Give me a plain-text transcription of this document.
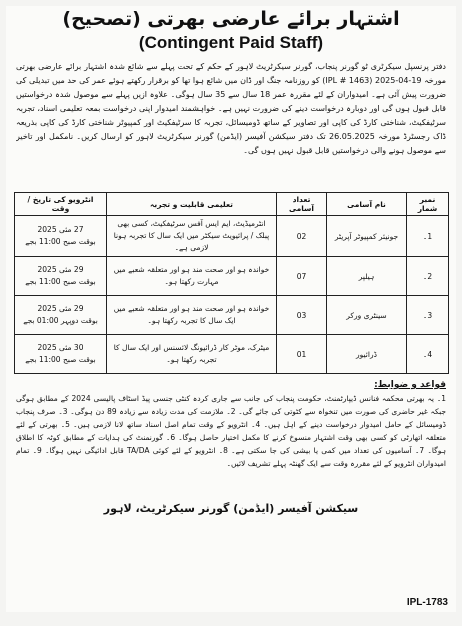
اشتہار برائے عارضی بھرتی (تصحیح)
(Contingent Paid Staff)
دفتر پرنسپل سیکرٹری ٹو گورنر پنجاب، گورنر سیکرٹریٹ لاہور کے حکم کے تحت پہلے سے شائع شدہ اشتہار برائے عارضی بھرتی مورخہ 19-04-2025 (IPL # 1463) کو روزنامہ جنگ اور ڈان میں شائع ہوا تھا کو برقرار رکھتے ہوئے عمر کی حد میں تبدیلی کی ضرورت پیش آئی ہے۔ امیدواران کے لئے مقررہ عمر 18 سال سے 35 سال ہوگی۔ علاوہ ازیں پہلے سے موصول شدہ درخواستیں قابل قبول ہوں گی اور دوبارہ درخواست دینے کی ضرورت نہیں ہے۔ خواہشمند امیدوار اپنی درخواست بمعہ تعلیمی اسناد، تجربہ سرٹیفکیٹ، شناختی کارڈ کی کاپی اور تصاویر کے ساتھ ڈومیسائل، تجربہ کا سرٹیفکیٹ اور کمپیوٹر شناختی کارڈ کی کاپی بذریعہ ڈاک رجسٹرڈ مورخہ 26.05.2025 تک دفتر سیکشن آفیسر (ایڈمن) گورنر سیکرٹریٹ لاہور کو ارسال کریں۔ نامکمل اور تاخیر سے موصول ہونے والی درخواستیں قابل قبول نہیں ہوں گی۔
نمبر شمار	نام آسامی	تعداد آسامی	تعلیمی قابلیت و تجربہ	انٹرویو کی تاریخ / وقت
1۔	جونیئر کمپیوٹر آپریٹر	02	انٹرمیڈیٹ، ایم ایس آفس سرٹیفکیٹ، کسی بھی پبلک / پرائیویٹ سیکٹر میں ایک سال کا تجربہ ہونا لازمی ہے۔	27 مئی 2025
بوقت صبح 11:00 بجے

2۔	ہیلپر	07	خواندہ ہو اور صحت مند ہو اور متعلقہ شعبے میں مہارت رکھتا ہو۔	29 مئی 2025
بوقت صبح 11:00 بجے

3۔	سینٹری ورکر	03	خواندہ ہو اور صحت مند ہو اور متعلقہ شعبے میں ایک سال کا تجربہ رکھتا ہو۔	29 مئی 2025
بوقت دوپہر 01:00 بجے

4۔	ڈرائیور	01	میٹرک، موٹر کار ڈرائیونگ لائسنس اور ایک سال کا تجربہ رکھتا ہو۔	30 مئی 2025
بوقت صبح 11:00 بجے
قواعد و ضوابط:
1۔ یہ بھرتی محکمہ فنانس ڈیپارٹمنٹ، حکومت پنجاب کی جانب سے جاری کردہ کنٹی جنسی پیڈ اسٹاف پالیسی 2024 کے مطابق ہوگی جبکہ غیر حاضری کی صورت میں تنخواہ سے کٹوتی کی جائے گی۔ 2۔ ملازمت کی مدت زیادہ سے زیادہ 89 دن ہوگی۔ 3۔ صرف پنجاب ڈومیسائل کے حامل امیدوار درخواست دینے کے اہل ہیں۔ 4۔ انٹرویو کے وقت تمام اصل اسناد ساتھ لانا لازمی ہیں۔ 5۔ بھرتی کے لئے متعلقہ اتھارٹی کو کسی بھی وقت اشتہار منسوخ کرنے کا مکمل اختیار حاصل ہوگا۔ 6۔ گورنمنٹ کی ہدایات کے مطابق کوٹہ کا اطلاق ہوگا۔ 7۔ آسامیوں کی تعداد میں کمی یا بیشی کی جا سکتی ہے۔ 8۔ انٹرویو کے لئے کوئی TA/DA قابل ادائیگی نہیں ہوگا۔ 9۔ تمام امیدواران انٹرویو کے لئے مقررہ وقت سے ایک گھنٹہ پہلے تشریف لائیں۔
سیکشن آفیسر (ایڈمن) گورنر سیکرٹریٹ، لاہور
IPL-1783
